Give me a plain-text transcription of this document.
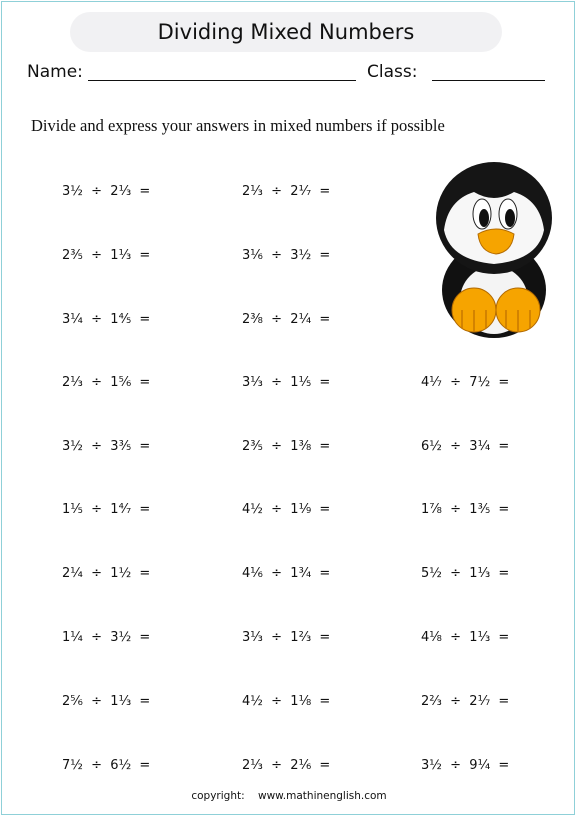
Dividing Mixed Numbers
Name:	Class:
Divide and express your answers in mixed numbers if possible
3½  ÷  2⅓  =
2⅗  ÷  1⅓  =
3¼  ÷  1⅘  =
2⅓  ÷  1⅚  =
3½  ÷  3⅗  =
1⅕  ÷  1⁴⁄₇  =
2¼  ÷  1½  =
1¼  ÷  3½  =
2⅚  ÷  1⅓  =
7½  ÷  6½  =
2⅓  ÷  2¹⁄₇  =
3⅙  ÷  3½  =
2⅜  ÷  2¼  =
3⅓  ÷  1⅕  =
2⅗  ÷  1⅜  =
4½  ÷  1⅑  =
4⅙  ÷  1¾  =
3⅓  ÷  1⅔  =
4½  ÷  1⅛  =
2⅓  ÷  2⅙  =
4⅐  ÷  7½  =
6½  ÷  3¼  =
1⅞  ÷  1⅗  =
5½  ÷  1⅓  =
4⅛  ÷  1⅓  =
2⅔  ÷  2⅐  =
3½  ÷  9¼  =
copyright:    www.mathinenglish.com
